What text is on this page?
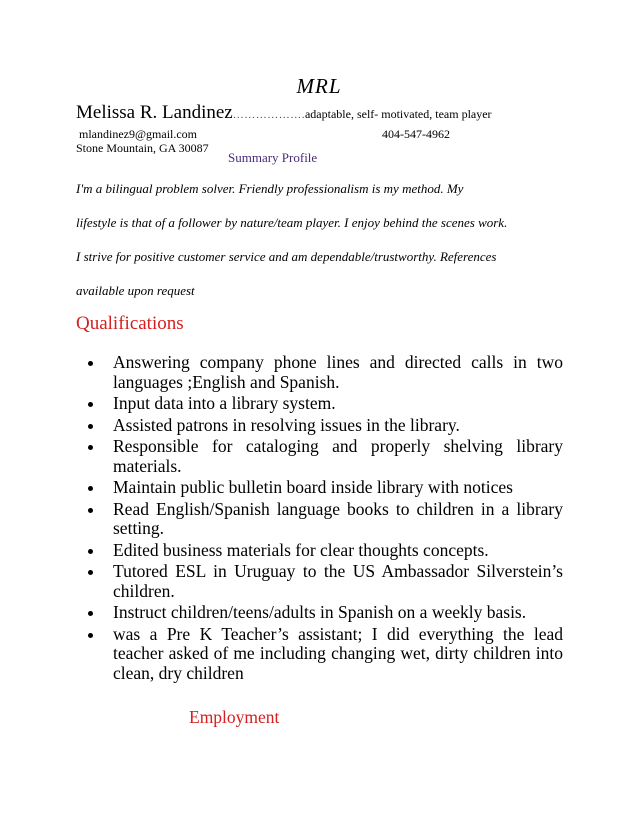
MRL
Melissa R. Landinez……………….adaptable, self- motivated, team player
mlandinez9@gmail.com	404-547-4962
Stone Mountain, GA 30087
Summary Profile
I'm a bilingual problem solver. Friendly professionalism is my method. My
lifestyle is that of a follower by nature/team player. I enjoy behind the scenes work.
I strive for positive customer service and am dependable/trustworthy. References
available upon request
Qualifications
Answering company phone lines and directed calls in two languages ;English and Spanish.
Input data into a library system.
Assisted patrons in resolving issues in the library.
Responsible for cataloging and properly shelving library materials.
Maintain public bulletin board inside library with notices
Read English/Spanish language books to children in a library setting.
Edited business materials for clear thoughts concepts.
Tutored ESL in Uruguay to the US Ambassador Silverstein’s children.
Instruct children/teens/adults in Spanish on a weekly basis.
was a Pre K Teacher’s assistant; I did everything the lead teacher asked of me including changing wet, dirty children into clean, dry children
Employment
